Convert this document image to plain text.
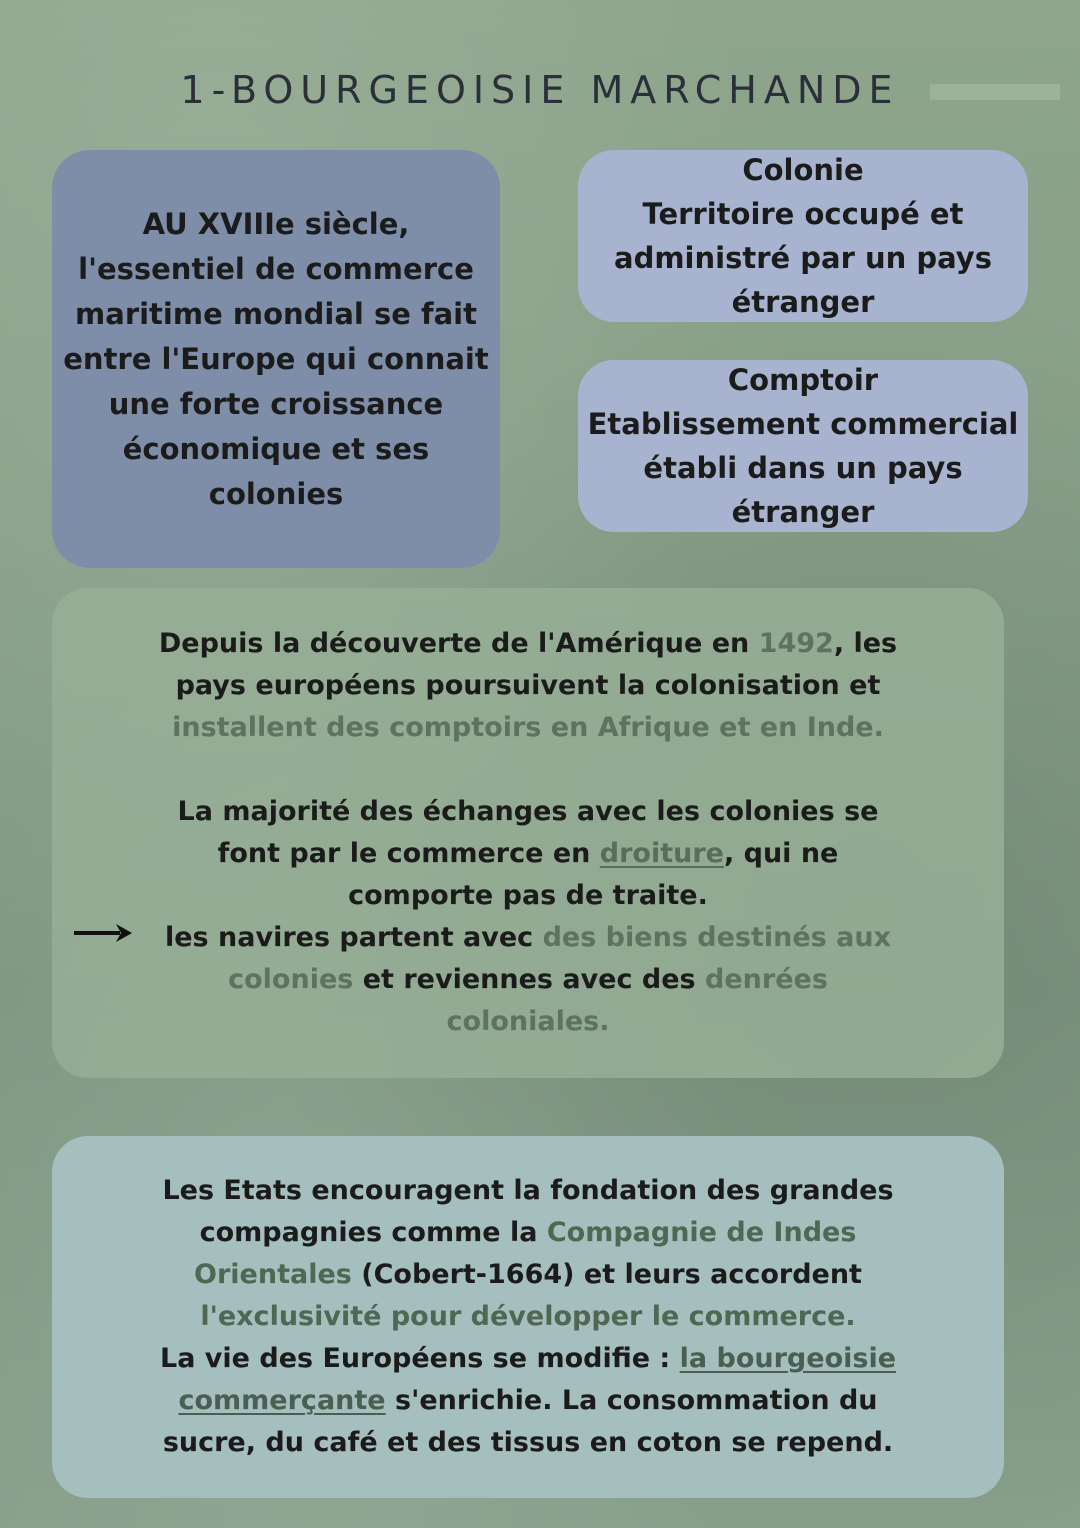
1-BOURGEOISIE MARCHANDE
AU XVIIIe siècle,
l'essentiel de commerce
maritime mondial se fait
entre l'Europe qui connait
une forte croissance
économique et ses
colonies
Colonie
Territoire occupé et
administré par un pays
étranger
Comptoir
Etablissement commercial
établi dans un pays
étranger

Depuis la découverte de l'Amérique en 1492, les pays européens poursuivent la colonisation et installent des comptoirs en Afrique et en Inde.

La majorité des échanges avec les colonies se font par le commerce en droiture, qui ne comporte pas de traite.

les navires partent avec des biens destinés aux colonies et reviennes avec des denrées coloniales.

Les Etats encouragent la fondation des grandes compagnies comme la Compagnie de Indes Orientales (Cobert-1664) et leurs accordent l'exclusivité pour développer le commerce.

La vie des Européens se modifie : la bourgeoisie commerçante s'enrichie. La consommation du sucre, du café et des tissus en coton se repend.
